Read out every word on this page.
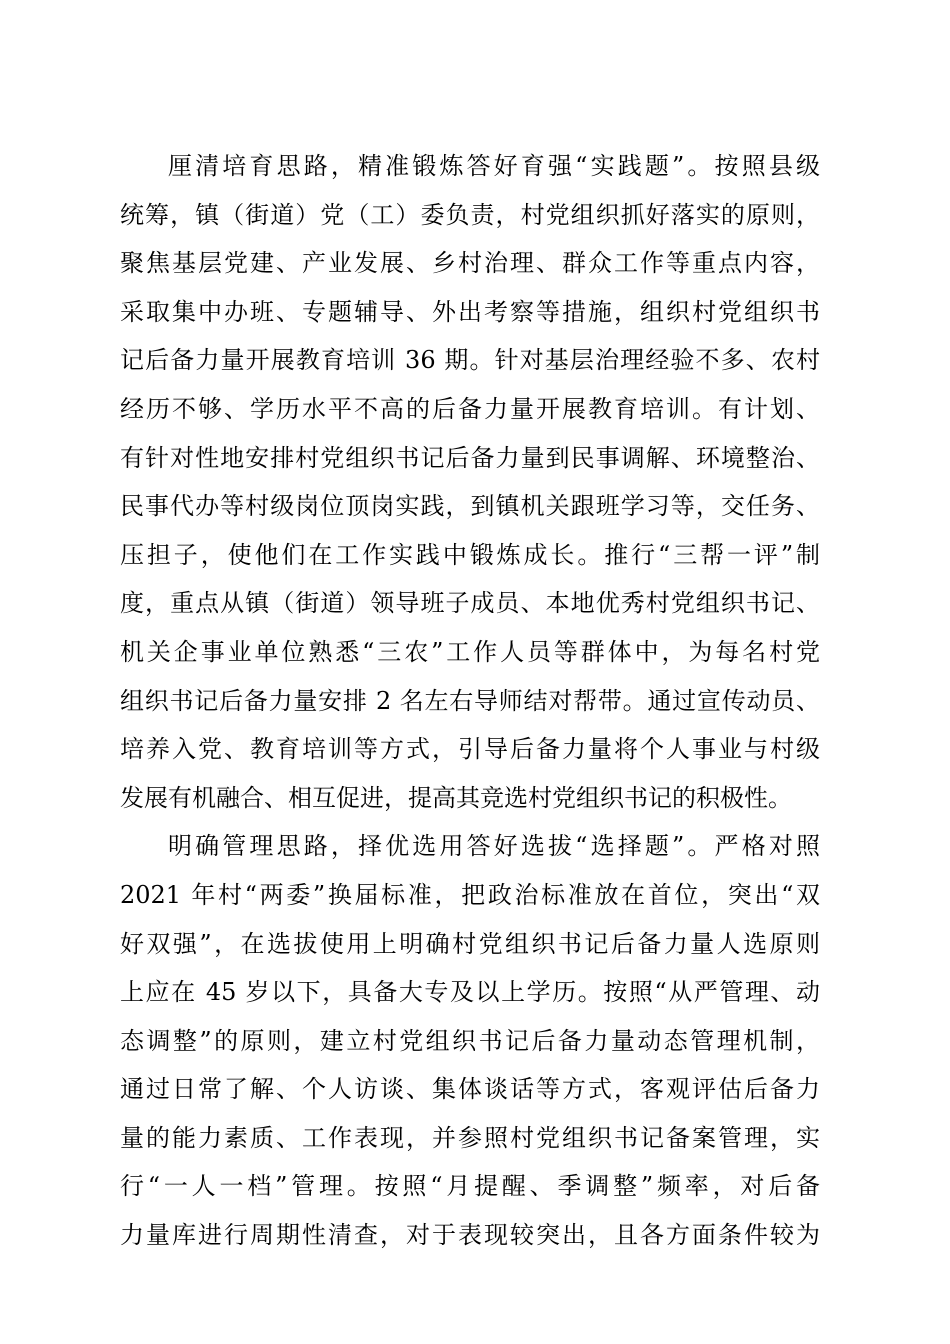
厘清培育思路，精准锻炼答好育强“实践题”。按照县级
统筹，镇（街道）党（工）委负责，村党组织抓好落实的原则，
聚焦基层党建、产业发展、乡村治理、群众工作等重点内容，
采取集中办班、专题辅导、外出考察等措施，组织村党组织书
记后备力量开展教育培训 36 期。针对基层治理经验不多、农村
经历不够、学历水平不高的后备力量开展教育培训。有计划、
有针对性地安排村党组织书记后备力量到民事调解、环境整治、
民事代办等村级岗位顶岗实践，到镇机关跟班学习等，交任务、
压担子，使他们在工作实践中锻炼成长。推行“三帮一评”制
度，重点从镇（街道）领导班子成员、本地优秀村党组织书记、
机关企事业单位熟悉“三农”工作人员等群体中，为每名村党
组织书记后备力量安排 2 名左右导师结对帮带。通过宣传动员、
培养入党、教育培训等方式，引导后备力量将个人事业与村级
发展有机融合、相互促进，提高其竞选村党组织书记的积极性。
明确管理思路，择优选用答好选拔“选择题”。严格对照
2021 年村“两委”换届标准，把政治标准放在首位，突出“双
好双强”，在选拔使用上明确村党组织书记后备力量人选原则
上应在 45 岁以下，具备大专及以上学历。按照“从严管理、动
态调整”的原则，建立村党组织书记后备力量动态管理机制，
通过日常了解、个人访谈、集体谈话等方式，客观评估后备力
量的能力素质、工作表现，并参照村党组织书记备案管理，实
行“一人一档”管理。按照“月提醒、季调整”频率，对后备
力量库进行周期性清查，对于表现较突出，且各方面条件较为
